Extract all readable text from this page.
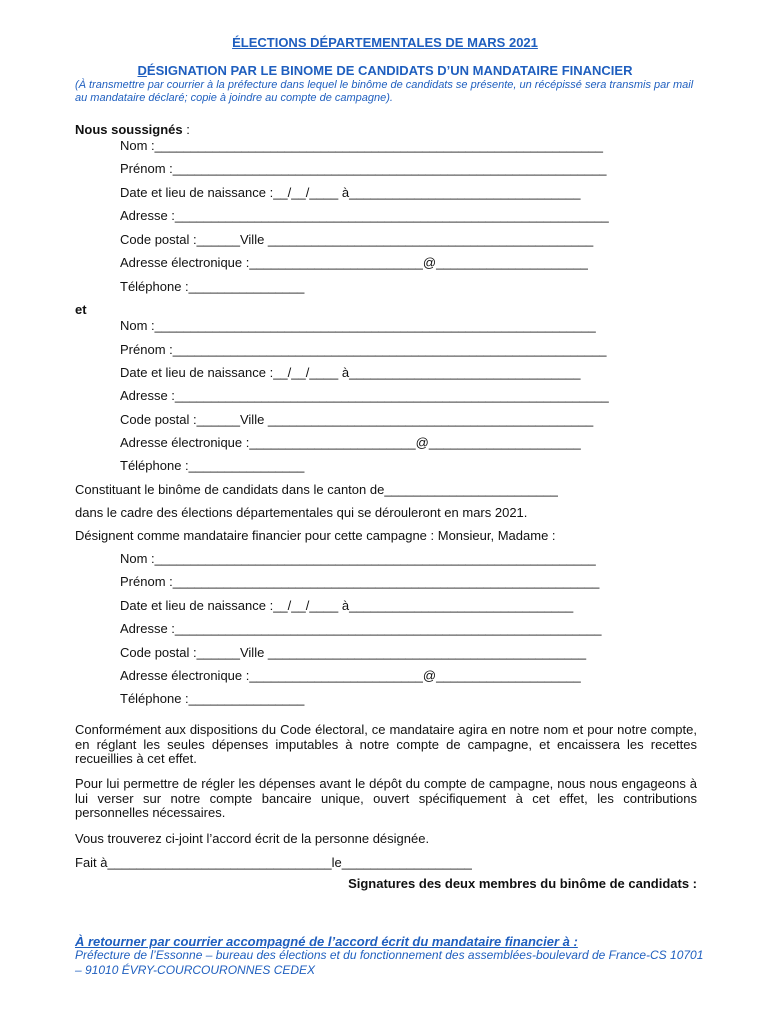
ÉLECTIONS DÉPARTEMENTALES DE MARS 2021
DÉSIGNATION PAR LE BINOME DE CANDIDATS D’UN MANDATAIRE FINANCIER
(À transmettre par courrier à la préfecture dans lequel le binôme de candidats se présente, un récépissé sera transmis par mail au mandataire déclaré; copie à joindre au compte de campagne).
Nous soussignés :
Nom :______________________________________________________________
Prénom :____________________________________________________________
Date et lieu de naissance :__/__/____ à________________________________
Adresse :____________________________________________________________
Code postal :______Ville _____________________________________________
Adresse électronique :________________________@_____________________
Téléphone :________________
et
Nom :_____________________________________________________________
Prénom :____________________________________________________________
Date et lieu de naissance :__/__/____ à________________________________
Adresse :____________________________________________________________
Code postal :______Ville _____________________________________________
Adresse électronique :_______________________@_____________________
Téléphone :________________
Constituant le binôme de candidats dans le canton de________________________
dans le cadre des élections départementales qui se dérouleront en mars 2021.
Désignent comme mandataire financier pour cette campagne : Monsieur, Madame :
Nom :_____________________________________________________________
Prénom :___________________________________________________________
Date et lieu de naissance :__/__/____ à_______________________________
Adresse :___________________________________________________________
Code postal :______Ville ____________________________________________
Adresse électronique :________________________@____________________
Téléphone :________________
Conformément aux dispositions du Code électoral, ce mandataire agira en notre nom et pour notre compte, en réglant les seules dépenses imputables à notre compte de campagne, et encaissera les recettes recueillies à cet effet.
Pour lui permettre de régler les dépenses avant le dépôt du compte de campagne, nous nous engageons à lui verser sur notre compte bancaire unique, ouvert spécifiquement à cet effet, les contributions personnelles nécessaires.
Vous trouverez ci-joint l’accord écrit de la personne désignée.
Fait à_______________________________le__________________
Signatures des deux membres du binôme de candidats :
À retourner par courrier accompagné de l’accord écrit du mandataire financier à :
Préfecture de l’Essonne – bureau des élections et du fonctionnement des assemblées-boulevard de France-CS 10701 – 91010 ÉVRY-COURCOURONNES CEDEX
